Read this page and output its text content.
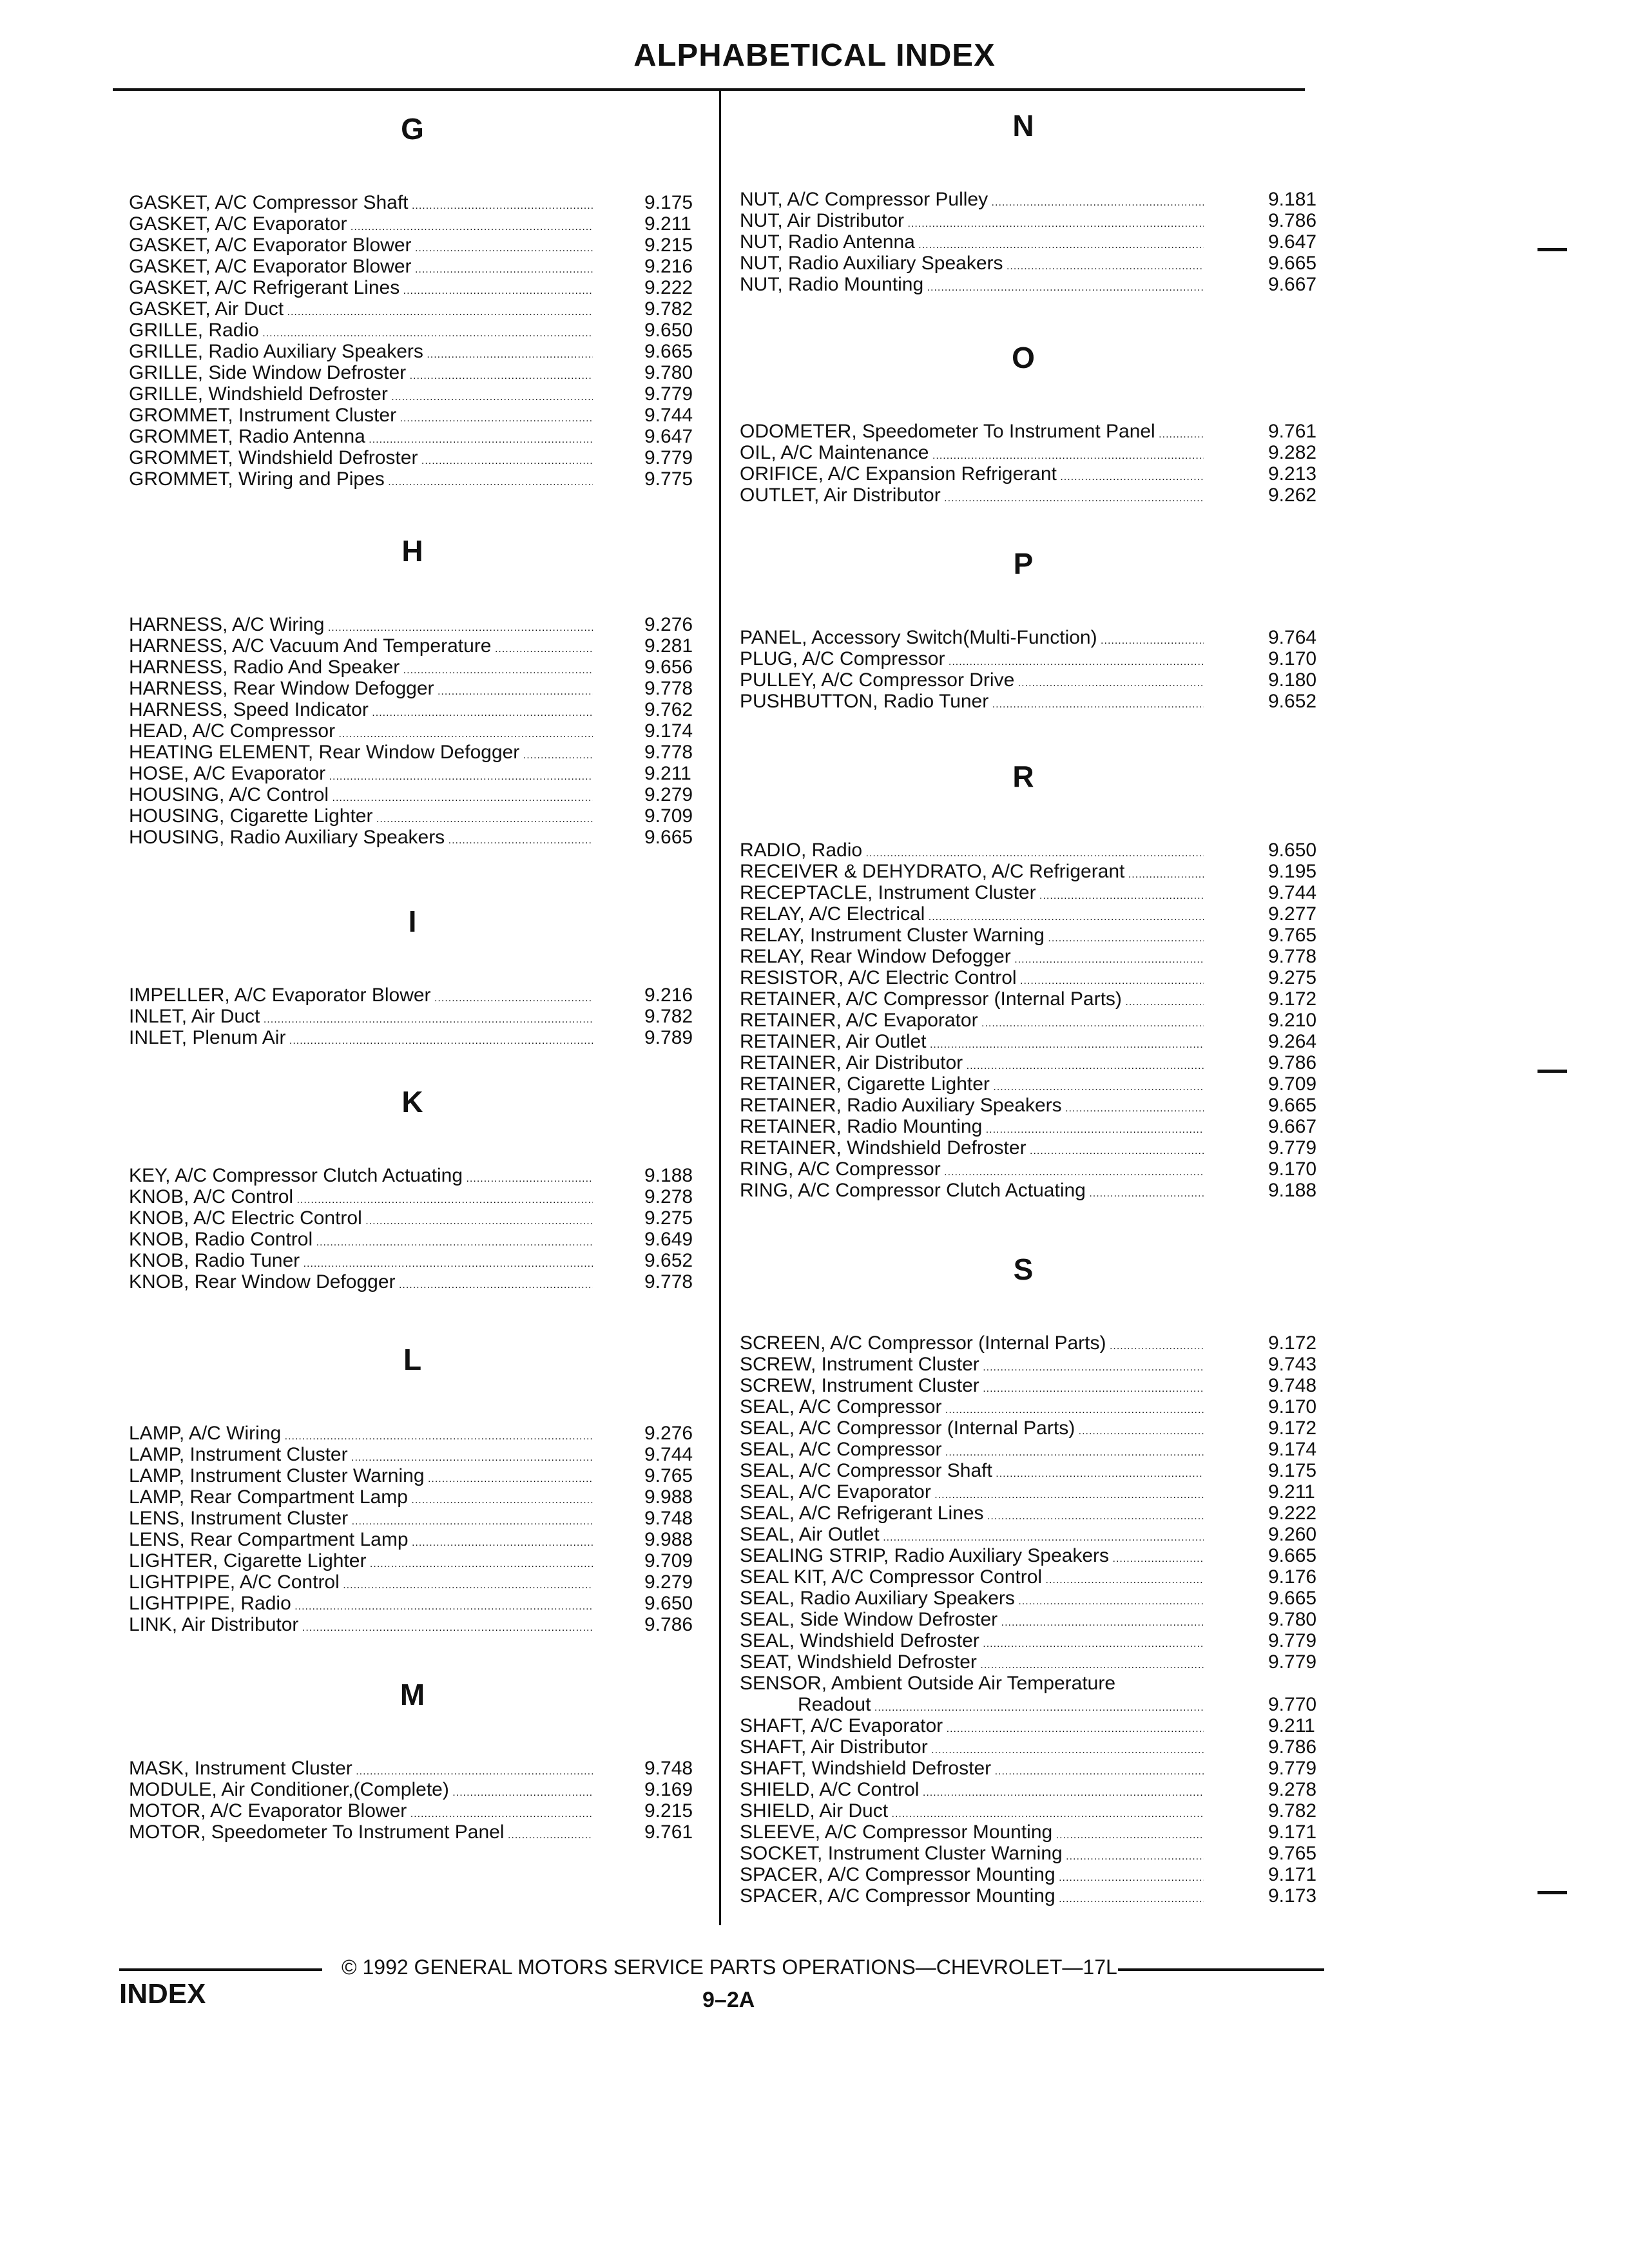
ALPHABETICAL INDEX
G
GASKET, A/C Compressor Shaft .....	9.175
GASKET, A/C Evaporator .....	9.211
GASKET, A/C Evaporator Blower .....	9.215
GASKET, A/C Evaporator Blower .....	9.216
GASKET, A/C Refrigerant Lines .....	9.222
GASKET, Air Duct .....	9.782
GRILLE, Radio .....	9.650
GRILLE, Radio Auxiliary Speakers .....	9.665
GRILLE, Side Window Defroster .....	9.780
GRILLE, Windshield Defroster .....	9.779
GROMMET, Instrument Cluster .....	9.744
GROMMET, Radio Antenna .....	9.647
GROMMET, Windshield Defroster .....	9.779
GROMMET, Wiring and Pipes .....	9.775
H
HARNESS, A/C Wiring .....	9.276
HARNESS, A/C Vacuum And Temperature .....	9.281
HARNESS, Radio And Speaker .....	9.656
HARNESS, Rear Window Defogger .....	9.778
HARNESS, Speed Indicator .....	9.762
HEAD, A/C Compressor .....	9.174
HEATING ELEMENT, Rear Window Defogger .....	9.778
HOSE, A/C Evaporator .....	9.211
HOUSING, A/C Control .....	9.279
HOUSING, Cigarette Lighter .....	9.709
HOUSING, Radio Auxiliary Speakers .....	9.665
I
IMPELLER, A/C Evaporator Blower .....	9.216
INLET, Air Duct .....	9.782
INLET, Plenum Air .....	9.789
K
KEY, A/C Compressor Clutch Actuating .....	9.188
KNOB, A/C Control .....	9.278
KNOB, A/C Electric Control .....	9.275
KNOB, Radio Control .....	9.649
KNOB, Radio Tuner .....	9.652
KNOB, Rear Window Defogger .....	9.778
L
LAMP, A/C Wiring .....	9.276
LAMP, Instrument Cluster .....	9.744
LAMP, Instrument Cluster Warning .....	9.765
LAMP, Rear Compartment Lamp .....	9.988
LENS, Instrument Cluster .....	9.748
LENS, Rear Compartment Lamp .....	9.988
LIGHTER, Cigarette Lighter .....	9.709
LIGHTPIPE, A/C Control .....	9.279
LIGHTPIPE, Radio .....	9.650
LINK, Air Distributor .....	9.786
M
MASK, Instrument Cluster .....	9.748
MODULE, Air Conditioner,(Complete) .....	9.169
MOTOR, A/C Evaporator Blower .....	9.215
MOTOR, Speedometer To Instrument Panel .....	9.761
N
NUT, A/C Compressor Pulley .....	9.181
NUT, Air Distributor .....	9.786
NUT, Radio Antenna .....	9.647
NUT, Radio Auxiliary Speakers .....	9.665
NUT, Radio Mounting .....	9.667
O
ODOMETER, Speedometer To Instrument Panel .....	9.761
OIL, A/C Maintenance .....	9.282
ORIFICE, A/C Expansion Refrigerant .....	9.213
OUTLET, Air Distributor .....	9.262
P
PANEL, Accessory Switch(Multi-Function) .....	9.764
PLUG, A/C Compressor .....	9.170
PULLEY, A/C Compressor Drive .....	9.180
PUSHBUTTON, Radio Tuner .....	9.652
R
RADIO, Radio .....	9.650
RECEIVER & DEHYDRATO, A/C Refrigerant .....	9.195
RECEPTACLE, Instrument Cluster .....	9.744
RELAY, A/C Electrical .....	9.277
RELAY, Instrument Cluster Warning .....	9.765
RELAY, Rear Window Defogger .....	9.778
RESISTOR, A/C Electric Control .....	9.275
RETAINER, A/C Compressor (Internal Parts) .....	9.172
RETAINER, A/C Evaporator .....	9.210
RETAINER, Air Outlet .....	9.264
RETAINER, Air Distributor .....	9.786
RETAINER, Cigarette Lighter .....	9.709
RETAINER, Radio Auxiliary Speakers .....	9.665
RETAINER, Radio Mounting .....	9.667
RETAINER, Windshield Defroster .....	9.779
RING, A/C Compressor .....	9.170
RING, A/C Compressor Clutch Actuating .....	9.188
S
SCREEN, A/C Compressor (Internal Parts) .....	9.172
SCREW, Instrument Cluster .....	9.743
SCREW, Instrument Cluster .....	9.748
SEAL, A/C Compressor .....	9.170
SEAL, A/C Compressor (Internal Parts) .....	9.172
SEAL, A/C Compressor .....	9.174
SEAL, A/C Compressor Shaft .....	9.175
SEAL, A/C Evaporator .....	9.211
SEAL, A/C Refrigerant Lines .....	9.222
SEAL, Air Outlet .....	9.260
SEALING STRIP, Radio Auxiliary Speakers .....	9.665
SEAL KIT, A/C Compressor Control .....	9.176
SEAL, Radio Auxiliary Speakers .....	9.665
SEAL, Side Window Defroster .....	9.780
SEAL, Windshield Defroster .....	9.779
SEAT, Windshield Defroster .....	9.779
SENSOR, Ambient Outside Air Temperature
Readout .....	9.770
SHAFT, A/C Evaporator .....	9.211
SHAFT, Air Distributor .....	9.786
SHAFT, Windshield Defroster .....	9.779
SHIELD, A/C Control .....	9.278
SHIELD, Air Duct .....	9.782
SLEEVE, A/C Compressor Mounting .....	9.171
SOCKET, Instrument Cluster Warning .....	9.765
SPACER, A/C Compressor Mounting .....	9.171
SPACER, A/C Compressor Mounting .....	9.173
© 1992 GENERAL MOTORS SERVICE PARTS OPERATIONS—CHEVROLET—17L
INDEX	9–2A
